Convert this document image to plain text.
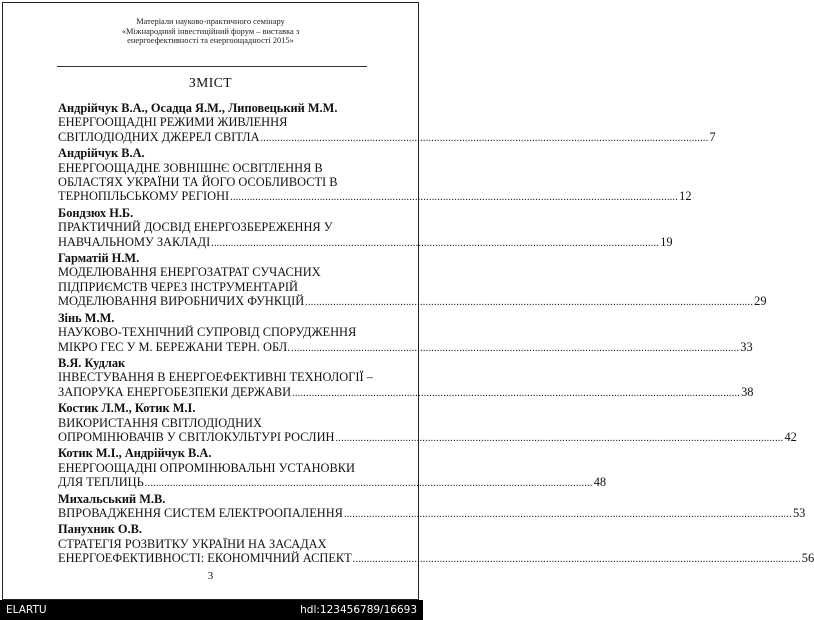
Матеріали науково-практичного семінару
«Міжнародний інвестиційний форум – виставка з
енергоефективності та енергоощадності 2015»
ЗМІСТ
Андрійчук В.А., Осадца Я.М., Липовецький М.М.
ЕНЕРГООЩАДНІ РЕЖИМИ ЖИВЛЕННЯ
СВІТЛОДІОДНИХ ДЖЕРЕЛ СВІТЛА ................................................................................................................................................................ 7
Андрійчук В.А.
ЕНЕРГООЩАДНЕ ЗОВНІШНЄ ОСВІТЛЕННЯ В
ОБЛАСТЯХ УКРАЇНИ ТА ЙОГО ОСОБЛИВОСТІ В
ТЕРНОПІЛЬСЬКОМУ РЕГІОНІ ................................................................................................................................................................ 12
Бондзюх Н.Б.
ПРАКТИЧНИЙ ДОСВІД ЕНЕРГОЗБЕРЕЖЕННЯ У
НАВЧАЛЬНОМУ ЗАКЛАДІ ................................................................................................................................................................ 19
Гарматій Н.М.
МОДЕЛЮВАННЯ ЕНЕРГОЗАТРАТ СУЧАСНИХ
ПІДПРИЄМСТВ ЧЕРЕЗ ІНСТРУМЕНТАРІЙ
МОДЕЛЮВАННЯ ВИРОБНИЧИХ ФУНКЦІЙ ................................................................................................................................................................ 29
Зінь М.М.
НАУКОВО-ТЕХНІЧНИЙ СУПРОВІД СПОРУДЖЕННЯ
МІКРО ГЕС У М. БЕРЕЖАНИ ТЕРН. ОБЛ. ................................................................................................................................................................ 33
В.Я. Кудлак
ІНВЕСТУВАННЯ В ЕНЕРГОЕФЕКТИВНІ ТЕХНОЛОГІЇ –
ЗАПОРУКА ЕНЕРГОБЕЗПЕКИ ДЕРЖАВИ ................................................................................................................................................................ 38
Костик Л.М., Котик М.І.
ВИКОРИСТАННЯ СВІТЛОДІОДНИХ
ОПРОМІНЮВАЧІВ У СВІТЛОКУЛЬТУРІ РОСЛИН ................................................................................................................................................................ 42
Котик М.І., Андрійчук В.А.
ЕНЕРГООЩАДНІ ОПРОМІНЮВАЛЬНІ УСТАНОВКИ
ДЛЯ ТЕПЛИЦЬ ................................................................................................................................................................ 48
Михальський М.В.
ВПРОВАДЖЕННЯ СИСТЕМ ЕЛЕКТРООПАЛЕННЯ ................................................................................................................................................................ 53
Панухник О.В.
СТРАТЕГІЯ РОЗВИТКУ УКРАЇНИ НА ЗАСАДАХ
ЕНЕРГОЕФЕКТИВНОСТІ: ЕКОНОМІЧНИЙ АСПЕКТ ................................................................................................................................................................ 56
3
ELARTU	hdl:123456789/16693
